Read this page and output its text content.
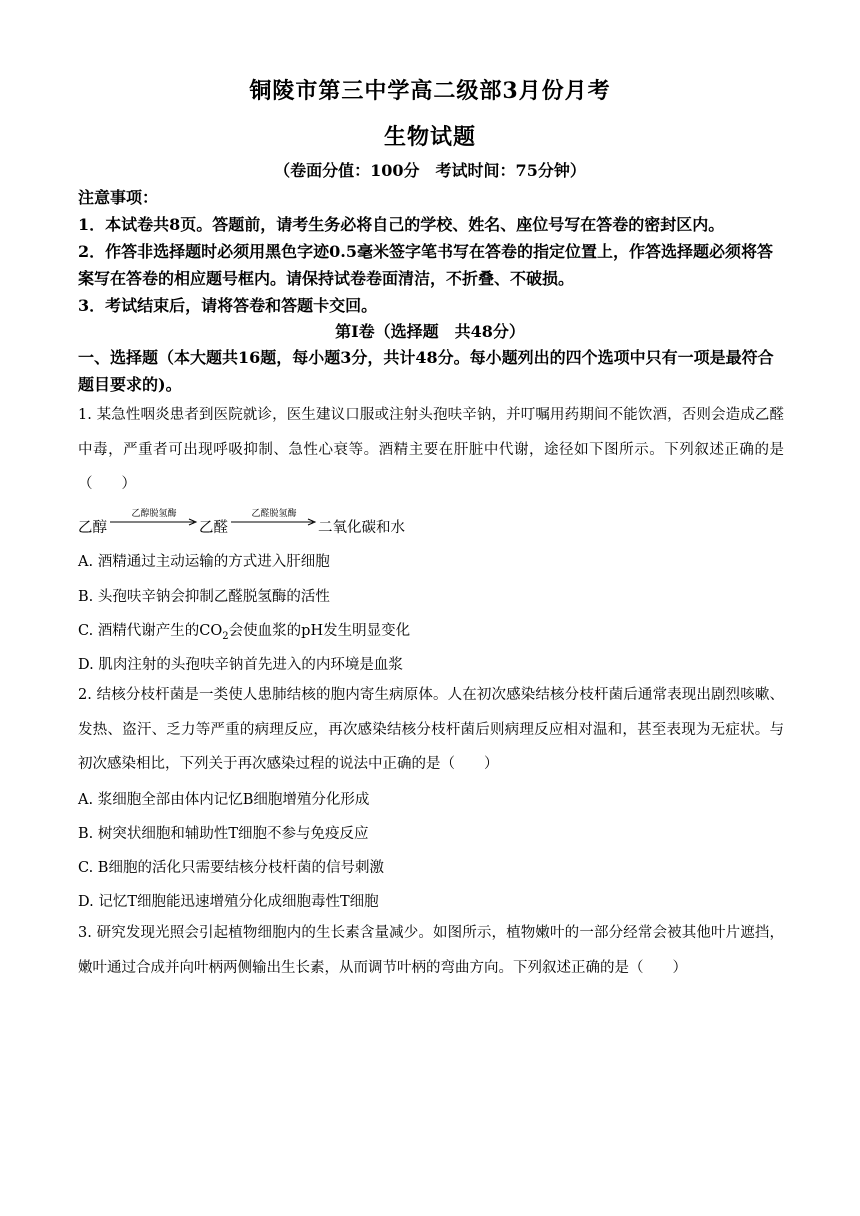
铜陵市第三中学高二级部3月份月考
生物试题
（卷面分值：100分　考试时间：75分钟）
注意事项：
1．本试卷共8页。答题前，请考生务必将自己的学校、姓名、座位号写在答卷的密封区内。
2．作答非选择题时必须用黑色字迹0.5毫米签字笔书写在答卷的指定位置上，作答选择题必须将答案写在答卷的相应题号框内。请保持试卷卷面清洁，不折叠、不破损。
3．考试结束后，请将答卷和答题卡交回。
第Ⅰ卷（选择题　共48分）
一、选择题（本大题共16题，每小题3分，共计48分。每小题列出的四个选项中只有一项是最符合题目要求的)。
1. 某急性咽炎患者到医院就诊，医生建议口服或注射头孢呋辛钠，并叮嘱用药期间不能饮酒，否则会造成乙醛中毒，严重者可出现呼吸抑制、急性心衰等。酒精主要在肝脏中代谢，途径如下图所示。下列叙述正确的是（　　）
乙醇
乙醇脱氢酶
乙醛
乙醛脱氢酶
二氧化碳和水
A. 酒精通过主动运输的方式进入肝细胞
B. 头孢呋辛钠会抑制乙醛脱氢酶的活性
C. 酒精代谢产生的$CO_2$会使血浆的pH发生明显变化
D. 肌肉注射的头孢呋辛钠首先进入的内环境是血浆
2. 结核分枝杆菌是一类使人患肺结核的胞内寄生病原体。人在初次感染结核分枝杆菌后通常表现出剧烈咳嗽、发热、盗汗、乏力等严重的病理反应，再次感染结核分枝杆菌后则病理反应相对温和，甚至表现为无症状。与初次感染相比，下列关于再次感染过程的说法中正确的是（　　）
A. 浆细胞全部由体内记忆B细胞增殖分化形成
B. 树突状细胞和辅助性T细胞不参与免疫反应
C. B细胞的活化只需要结核分枝杆菌的信号刺激
D. 记忆T细胞能迅速增殖分化成细胞毒性T细胞
3. 研究发现光照会引起植物细胞内的生长素含量减少。如图所示，植物嫩叶的一部分经常会被其他叶片遮挡，嫩叶通过合成并向叶柄两侧输出生长素，从而调节叶柄的弯曲方向。下列叙述正确的是（　　）
